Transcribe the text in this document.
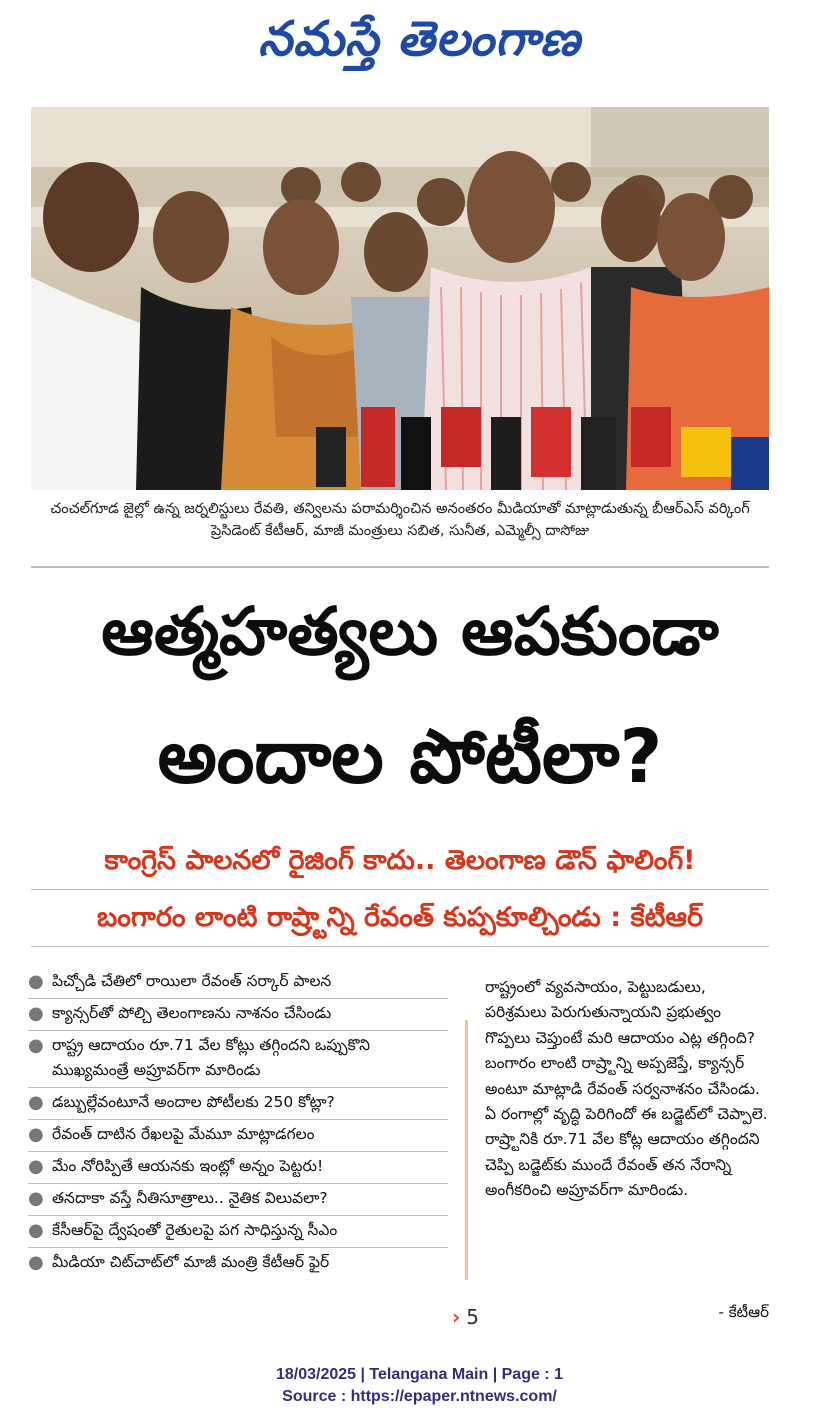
నమస్తే తెలంగాణ
చంచల్‌గూడ జైల్లో ఉన్న జర్నలిస్టులు రేవతి, తన్విలను పరామర్శించిన అనంతరం మీడియాతో మాట్లాడుతున్న బీఆర్‌ఎస్ వర్కింగ్ ప్రెసిడెంట్ కేటీఆర్, మాజీ మంత్రులు సబిత, సునీత, ఎమ్మెల్సీ దాసోజు
ఆత్మహత్యలు ఆపకుండా
అందాల పోటీలా?
కాంగ్రెస్ పాలనలో రైజింగ్ కాదు.. తెలంగాణ డౌన్ ఫాలింగ్!
బంగారం లాంటి రాష్ర్టాన్ని రేవంత్ కుప్పకూల్చిండు : కేటీఆర్
● పిచ్చోడి చేతిలో రాయిలా రేవంత్ సర్కార్ పాలన
● క్యాన్సర్‌తో పోల్చి తెలంగాణను నాశనం చేసిండు
● రాష్ట్ర ఆదాయం రూ.71 వేల కోట్లు తగ్గిందని ఒప్పుకొని ముఖ్యమంత్రే అప్రూవర్‌గా మారిండు
● డబ్బుల్లేవంటూనే అందాల పోటీలకు 250 కోట్లా?
● రేవంత్ దాటిన రేఖలపై మేమూ మాట్లాడగలం
● మేం నోరిప్పితే ఆయనకు ఇంట్లో అన్నం పెట్టరు!
● తనదాకా వస్తే నీతిసూత్రాలు.. నైతిక విలువలా?
● కేసీఆర్‌పై ద్వేషంతో రైతులపై పగ సాధిస్తున్న సీఎం
● మీడియా చిట్‌చాట్‌లో మాజీ మంత్రి కేటీఆర్ ఫైర్
రాష్ట్రంలో వ్యవసాయం, పెట్టుబడులు, పరిశ్రమలు పెరుగుతున్నాయని ప్రభుత్వం గొప్పలు చెప్తుంటే మరి ఆదాయం ఎట్ల తగ్గింది? బంగారం లాంటి రాష్ర్టాన్ని అప్పజెప్తే, క్యాన్సర్ అంటూ మాట్లాడి రేవంత్ సర్వనాశనం చేసిండు. ఏ రంగాల్లో వృద్ధి పెరిగిందో ఈ బడ్జెట్‌లో చెప్పాలె. రాష్ర్టానికి రూ.71 వేల కోట్ల ఆదాయం తగ్గిందని చెప్పి బడ్జెట్‌కు ముందే రేవంత్ తన నేరాన్ని అంగీకరించి అప్రూవర్‌గా మారిండు.
› 5	- కేటీఆర్
18/03/2025 | Telangana Main | Page : 1
Source : https://epaper.ntnews.com/
